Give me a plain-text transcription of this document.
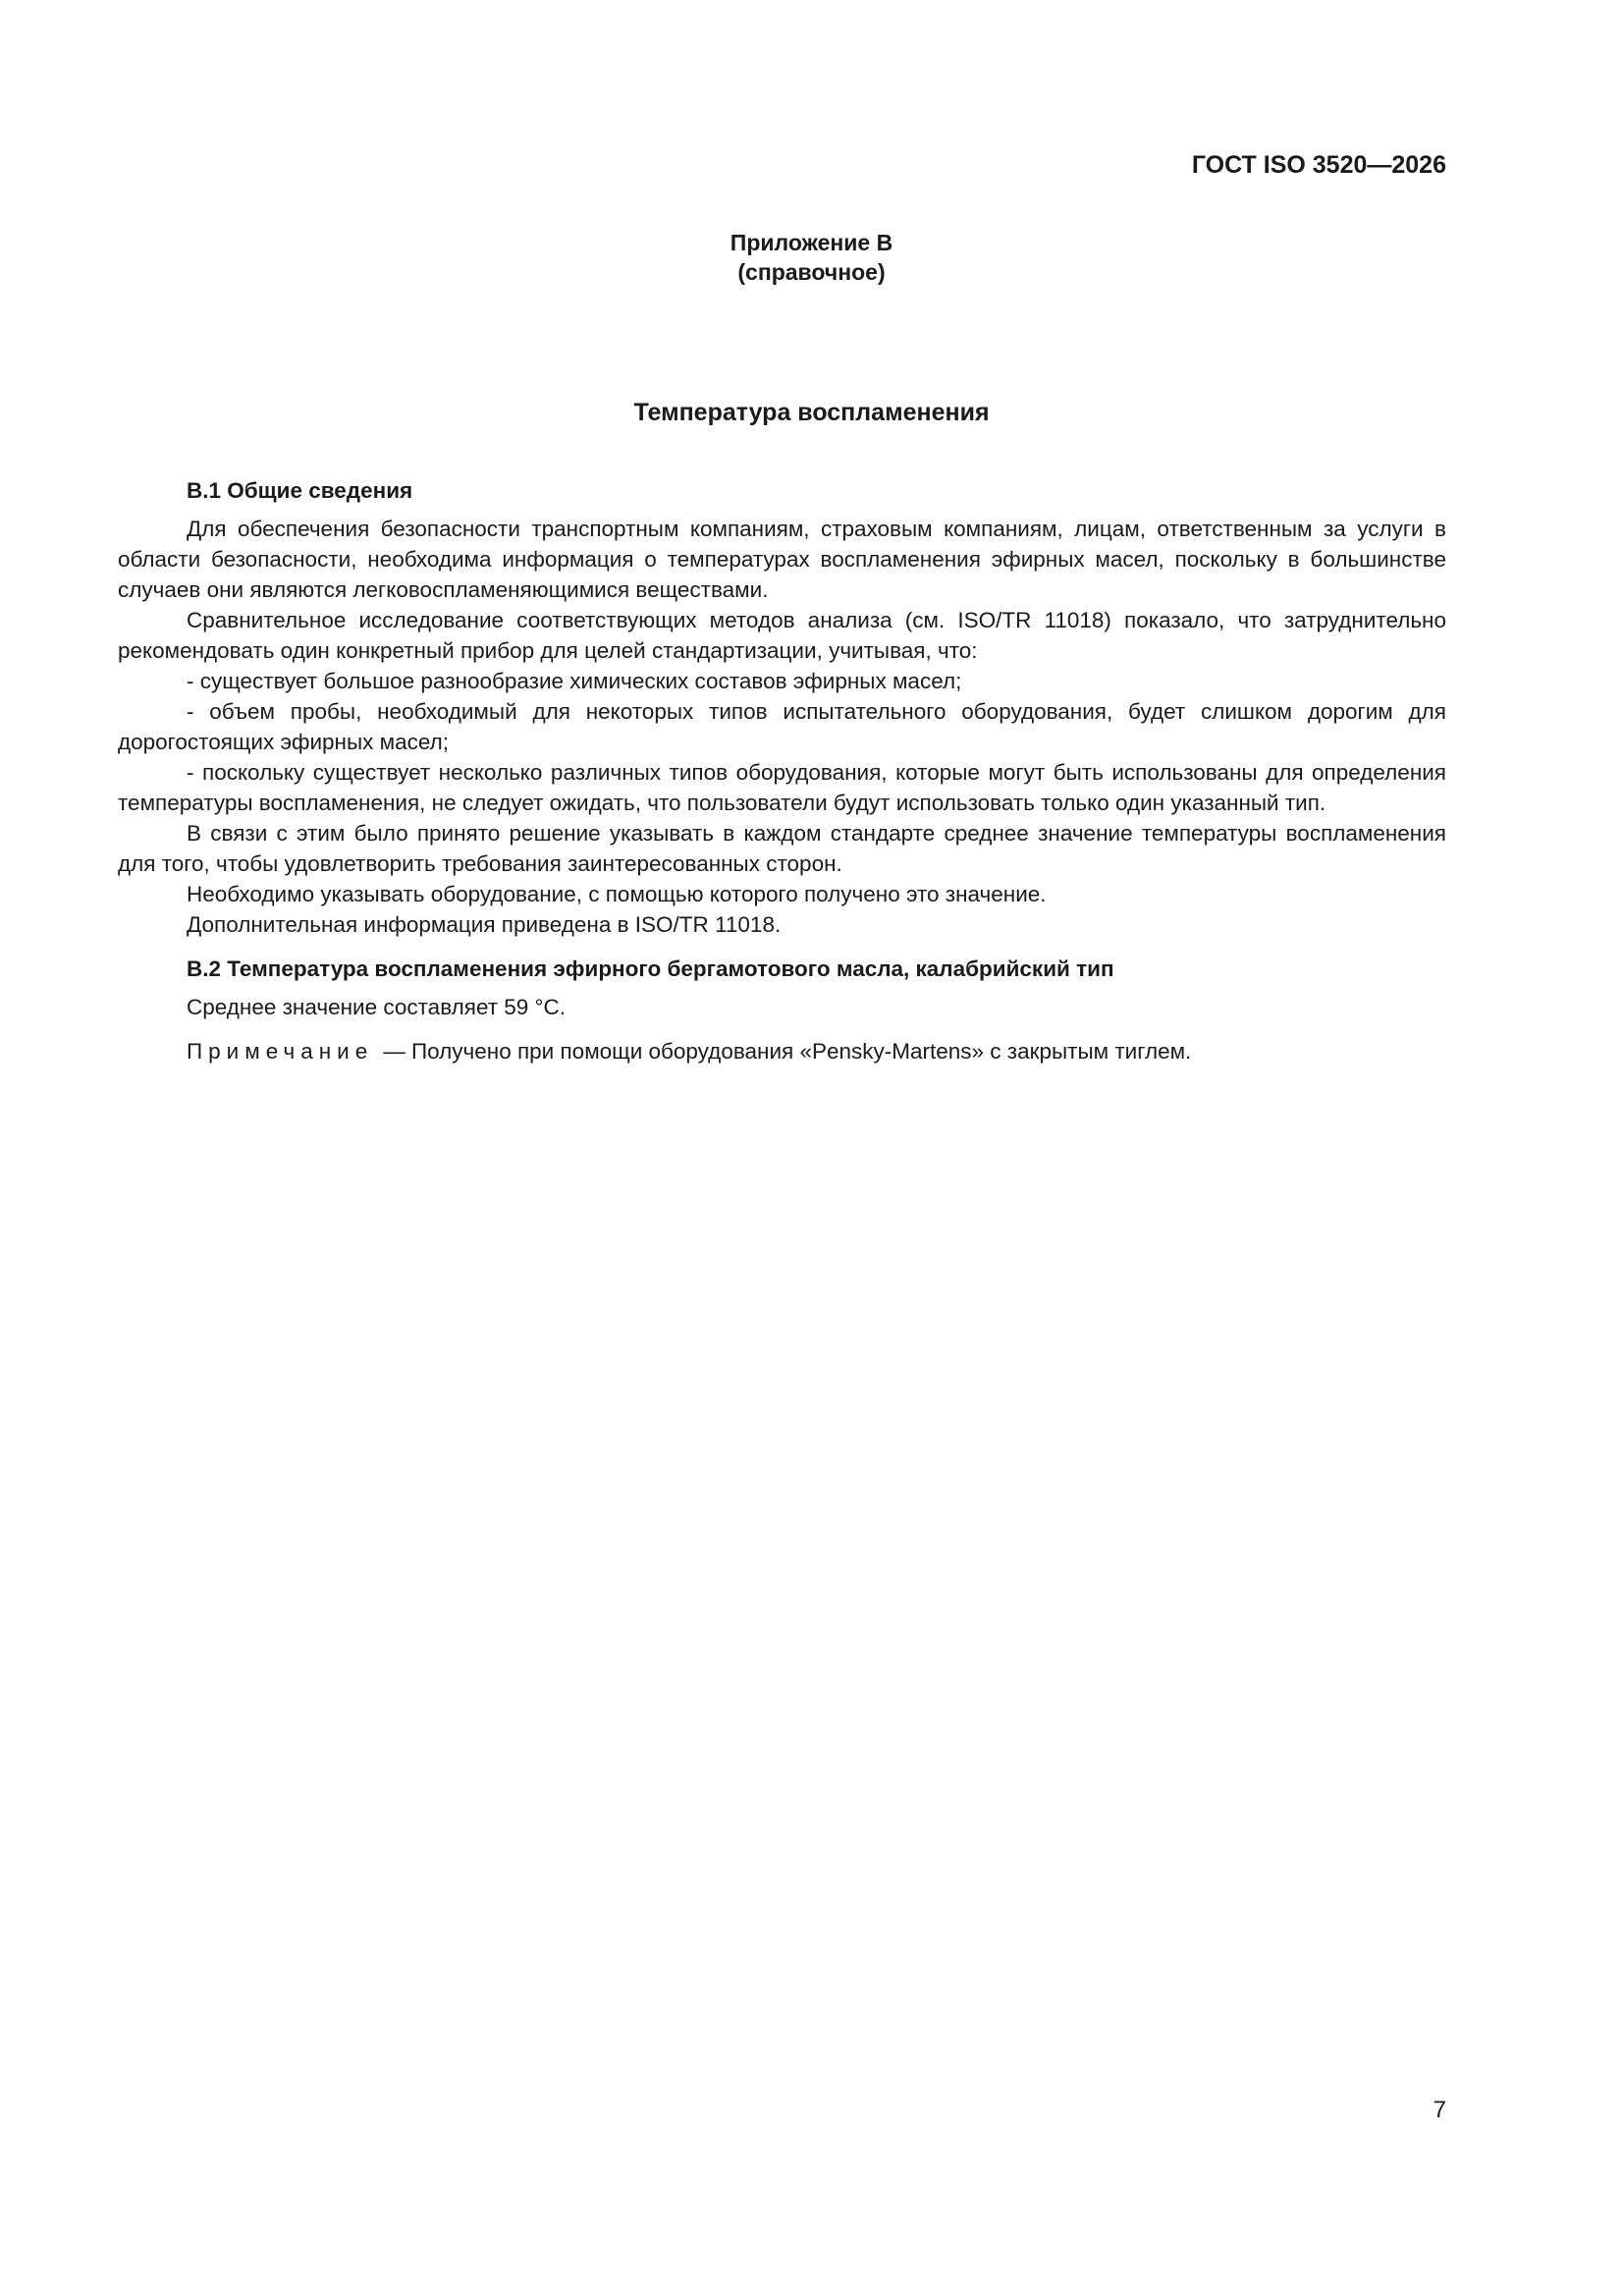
ГОСТ ISO 3520—2026
Приложение В
(справочное)
Температура воспламенения
В.1 Общие сведения

Для обеспечения безопасности транспортным компаниям, страховым компаниям, лицам, ответственным за услуги в области безопасности, необходима информация о температурах воспламенения эфирных масел, поскольку в большинстве случаев они являются легковоспламеняющимися веществами.

Сравнительное исследование соответствующих методов анализа (см. ISO/TR 11018) показало, что затруднительно рекомендовать один конкретный прибор для целей стандартизации, учитывая, что:

- существует большое разнообразие химических составов эфирных масел;

- объем пробы, необходимый для некоторых типов испытательного оборудования, будет слишком дорогим для дорогостоящих эфирных масел;

- поскольку существует несколько различных типов оборудования, которые могут быть использованы для определения температуры воспламенения, не следует ожидать, что пользователи будут использовать только один указанный тип.

В связи с этим было принято решение указывать в каждом стандарте среднее значение температуры воспламенения для того, чтобы удовлетворить требования заинтересованных сторон.

Необходимо указывать оборудование, с помощью которого получено это значение.

Дополнительная информация приведена в ISO/TR 11018.

В.2 Температура воспламенения эфирного бергамотового масла, калабрийский тип

Среднее значение составляет 59 °С.

Примечание — Получено при помощи оборудования «Pensky-Martens» с закрытым тиглем.

7
